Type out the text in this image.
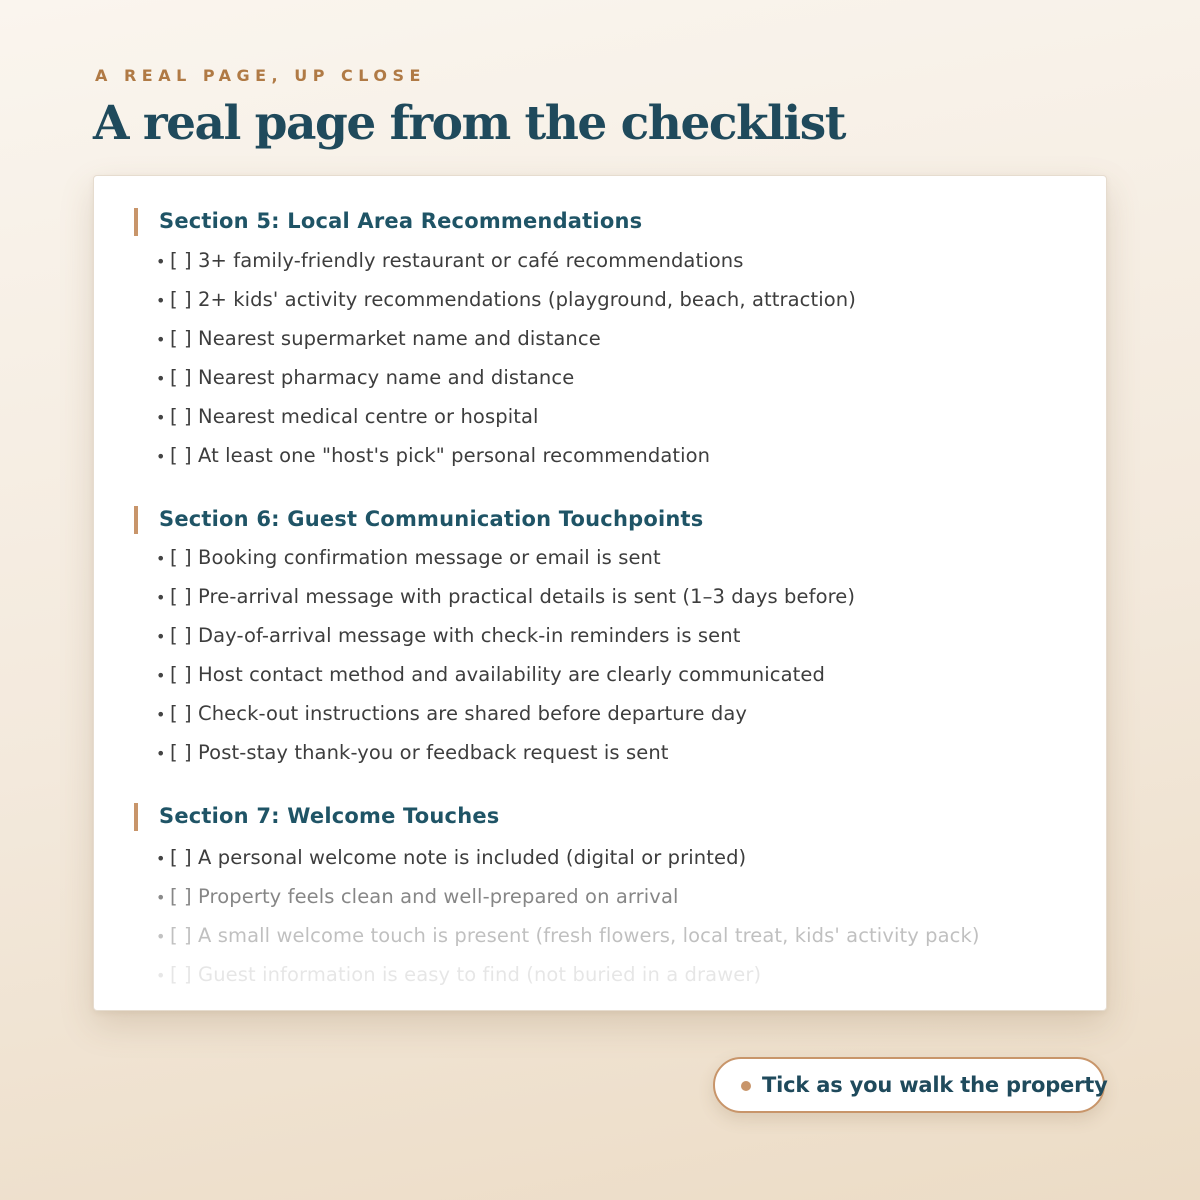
A REAL PAGE, UP CLOSE
A real page from the checklist
Section 5: Local Area Recommendations
• [ ] 3+ family-friendly restaurant or café recommendations
• [ ] 2+ kids' activity recommendations (playground, beach, attraction)
• [ ] Nearest supermarket name and distance
• [ ] Nearest pharmacy name and distance
• [ ] Nearest medical centre or hospital
• [ ] At least one "host's pick" personal recommendation
Section 6: Guest Communication Touchpoints
• [ ] Booking confirmation message or email is sent
• [ ] Pre-arrival message with practical details is sent (1–3 days before)
• [ ] Day-of-arrival message with check-in reminders is sent
• [ ] Host contact method and availability are clearly communicated
• [ ] Check-out instructions are shared before departure day
• [ ] Post-stay thank-you or feedback request is sent
Section 7: Welcome Touches
• [ ] A personal welcome note is included (digital or printed)
• [ ] Property feels clean and well-prepared on arrival
• [ ] A small welcome touch is present (fresh flowers, local treat, kids' activity pack)
• [ ] Guest information is easy to find (not buried in a drawer)
Tick as you walk the property
